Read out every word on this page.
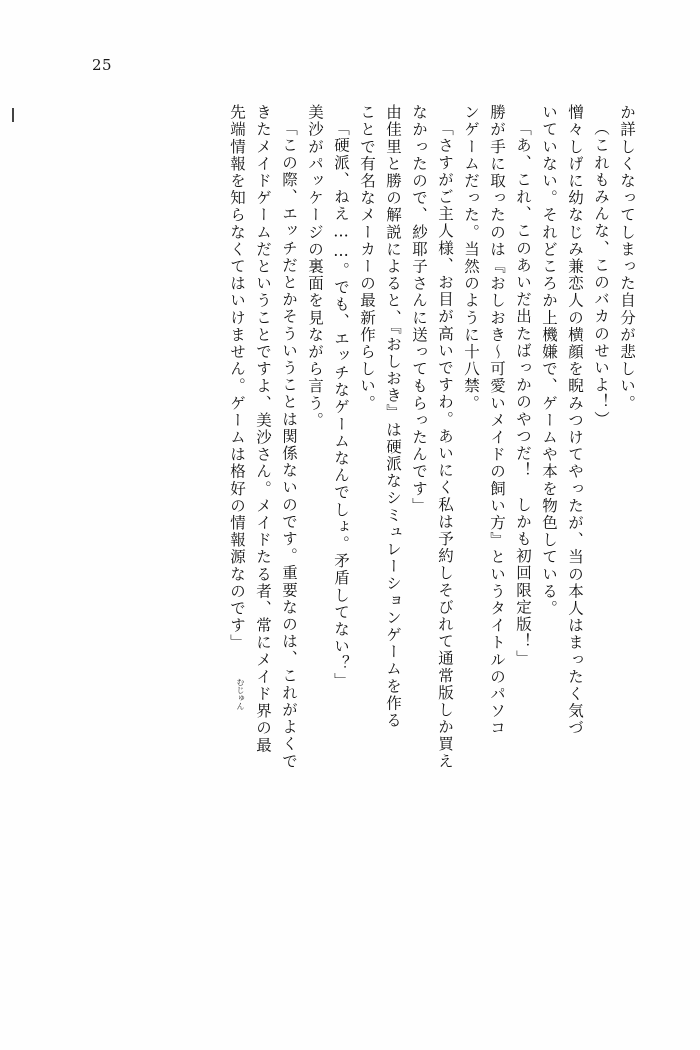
25
か詳しくなってしまった自分が悲しい。
（これもみんな、このバカのせいよ！）
憎々しげに幼なじみ兼恋人の横顔を睨みつけてやったが、当の本人はまったく気づ
いていない。それどころか上機嫌で、ゲームや本を物色している。
「あ、これ、このあいだ出たばっかのやつだ！　しかも初回限定版！」
勝が手に取ったのは『おしおき〜可愛いメイドの飼い方』というタイトルのパソコ
ンゲームだった。当然のように十八禁。
「さすがご主人様、お目が高いですわ。あいにく私は予約しそびれて通常版しか買え
なかったので、紗耶子さんに送ってもらったんです」
由佳里と勝の解説によると、『おしおき』は硬派なシミュレーションゲームを作る
ことで有名なメーカーの最新作らしい。
「硬派、ねえ……。でも、エッチなゲームなんでしょ。矛盾してない？」
美沙がパッケージの裏面を見ながら言う。
「この際、エッチだとかそういうことは関係ないのです。重要なのは、これがよくで
きたメイドゲームだということですよ、美沙さん。メイドたる者、常にメイド界の最
先端情報を知らなくてはいけません。ゲームは格好の情報源なのです」
むじゅん
